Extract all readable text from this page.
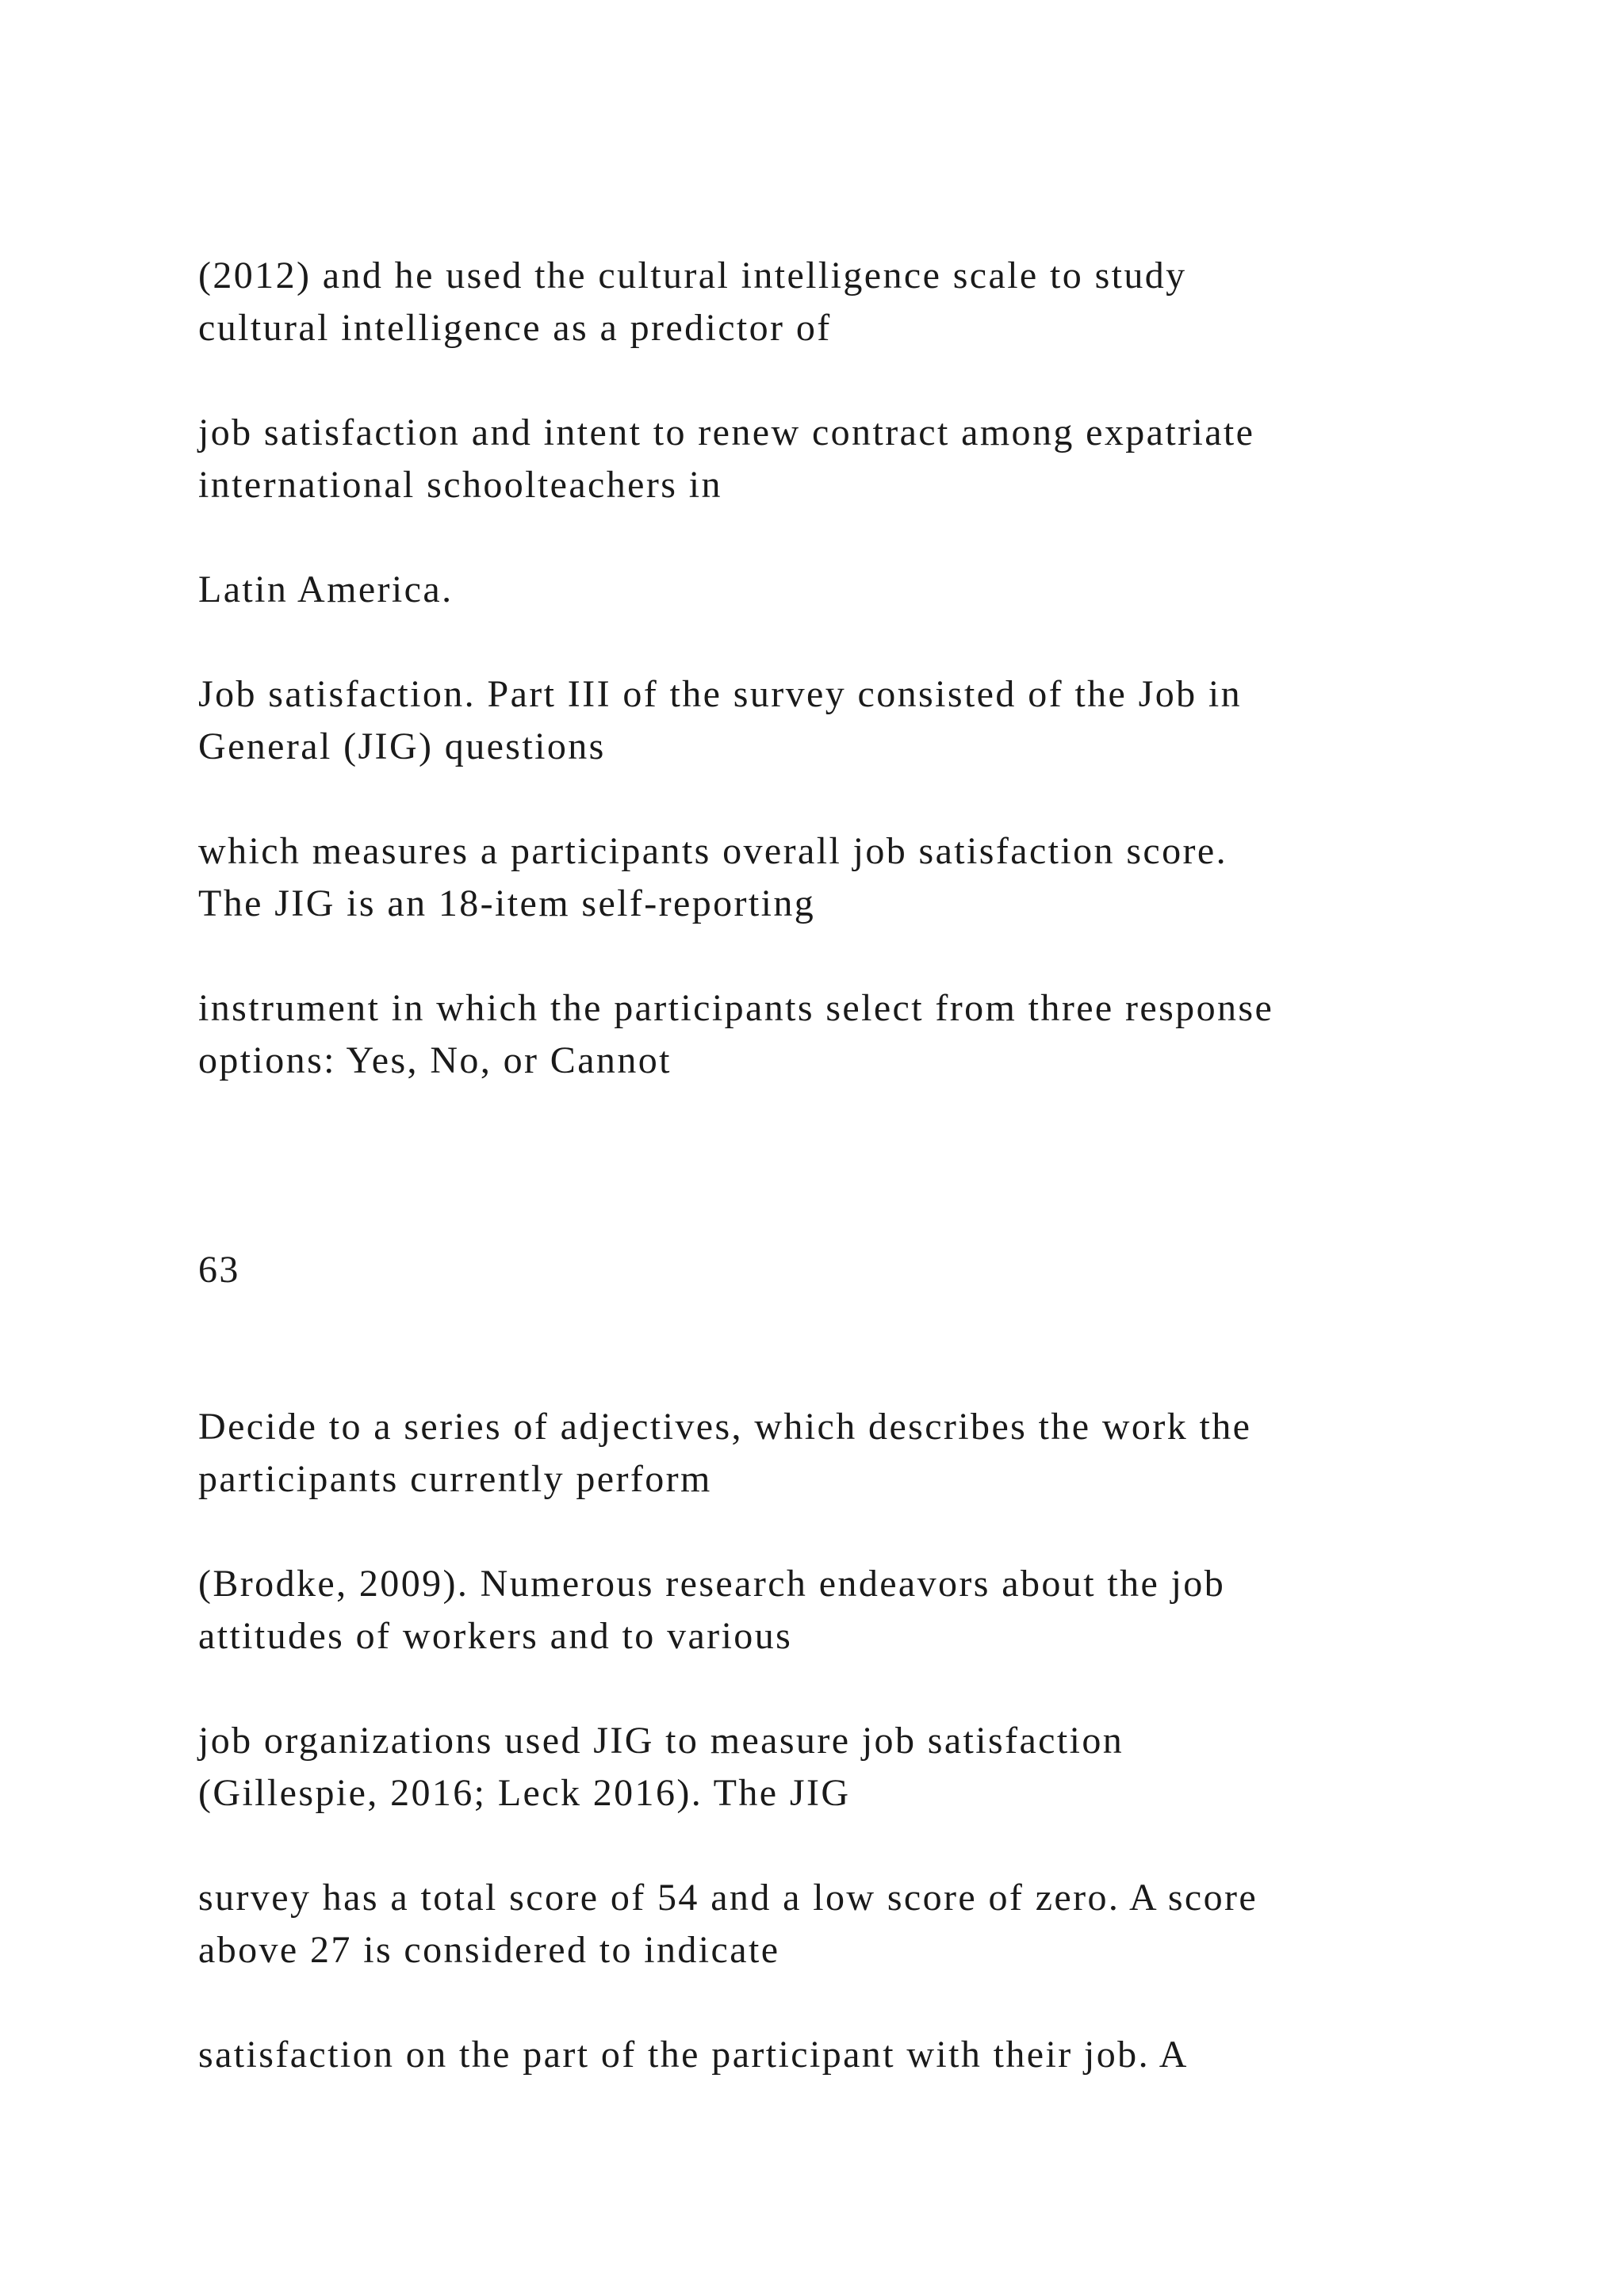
(2012) and he used the cultural intelligence scale to study

cultural intelligence as a predictor of

job satisfaction and intent to renew contract among expatriate

international schoolteachers in

Latin America.

Job satisfaction. Part III of the survey consisted of the Job in

General (JIG) questions

which measures a participants overall job satisfaction score.

The JIG is an 18-item self-reporting

instrument in which the participants select from three response

options: Yes, No, or Cannot

63

Decide to a series of adjectives, which describes the work the

participants currently perform

(Brodke, 2009). Numerous research endeavors about the job

attitudes of workers and to various

job organizations used JIG to measure job satisfaction

(Gillespie, 2016; Leck 2016). The JIG

survey has a total score of 54 and a low score of zero. A score

above 27 is considered to indicate

satisfaction on the part of the participant with their job. A
